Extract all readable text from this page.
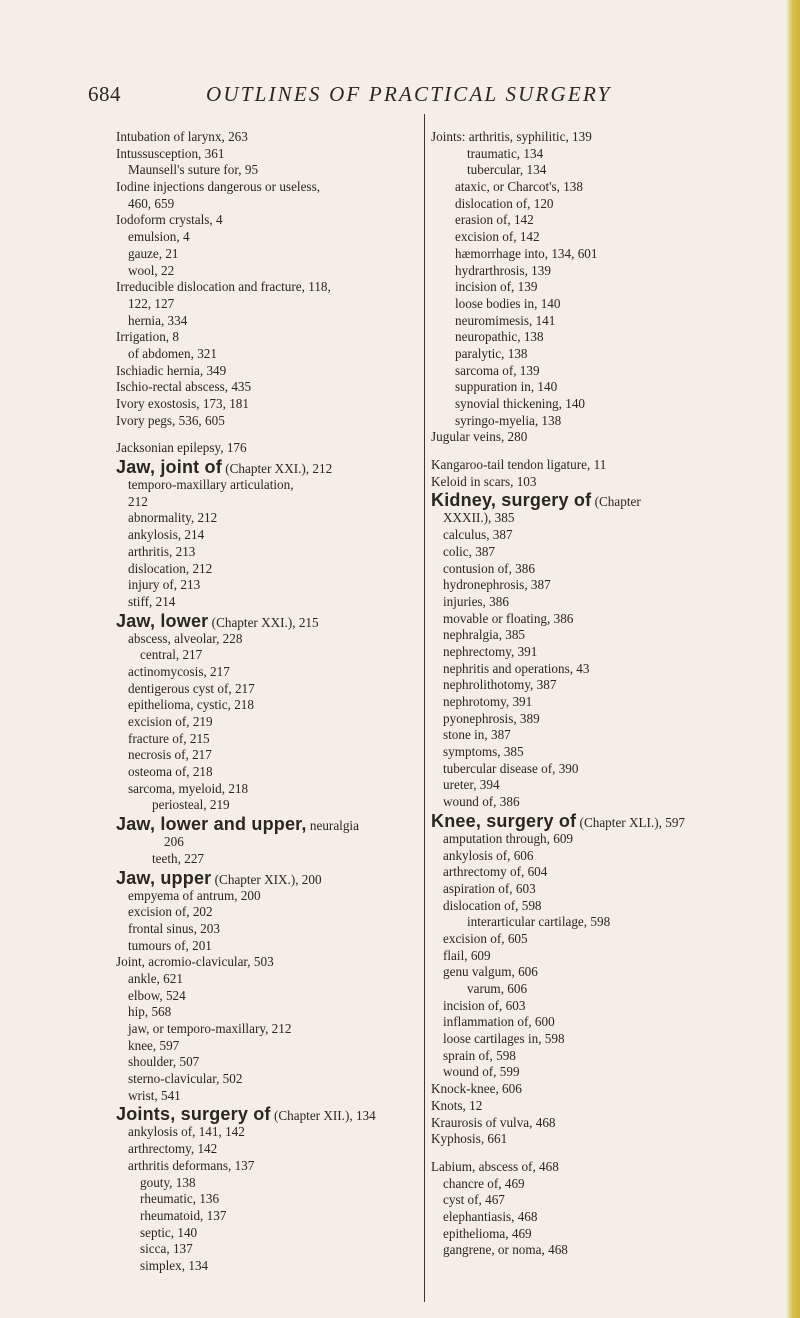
684	OUTLINES OF PRACTICAL SURGERY
Intubation of larynx, 263
Intussusception, 361
Maunsell's suture for, 95
Iodine injections dangerous or useless,
460, 659
Iodoform crystals, 4
emulsion, 4
gauze, 21
wool, 22
Irreducible dislocation and fracture, 118,
122, 127
hernia, 334
Irrigation, 8
of abdomen, 321
Ischiadic hernia, 349
Ischio-rectal abscess, 435
Ivory exostosis, 173, 181
Ivory pegs, 536, 605
Jacksonian epilepsy, 176
Jaw, joint of (Chapter XXI.), 212
temporo-maxillary articulation,
212
abnormality, 212
ankylosis, 214
arthritis, 213
dislocation, 212
injury of, 213
stiff, 214
Jaw, lower (Chapter XXI.), 215
abscess, alveolar, 228
central, 217
actinomycosis, 217
dentigerous cyst of, 217
epithelioma, cystic, 218
excision of, 219
fracture of, 215
necrosis of, 217
osteoma of, 218
sarcoma, myeloid, 218
periosteal, 219
Jaw, lower and upper, neuralgia
206
teeth, 227
Jaw, upper (Chapter XIX.), 200
empyema of antrum, 200
excision of, 202
frontal sinus, 203
tumours of, 201
Joint, acromio-clavicular, 503
ankle, 621
elbow, 524
hip, 568
jaw, or temporo-maxillary, 212
knee, 597
shoulder, 507
sterno-clavicular, 502
wrist, 541
Joints, surgery of (Chapter XII.), 134
ankylosis of, 141, 142
arthrectomy, 142
arthritis deformans, 137
gouty, 138
rheumatic, 136
rheumatoid, 137
septic, 140
sicca, 137
simplex, 134
Joints: arthritis, syphilitic, 139
traumatic, 134
tubercular, 134
ataxic, or Charcot's, 138
dislocation of, 120
erasion of, 142
excision of, 142
hæmorrhage into, 134, 601
hydrarthrosis, 139
incision of, 139
loose bodies in, 140
neuromimesis, 141
neuropathic, 138
paralytic, 138
sarcoma of, 139
suppuration in, 140
synovial thickening, 140
syringo-myelia, 138
Jugular veins, 280
Kangaroo-tail tendon ligature, 11
Keloid in scars, 103
Kidney, surgery of (Chapter
XXXII.), 385
calculus, 387
colic, 387
contusion of, 386
hydronephrosis, 387
injuries, 386
movable or floating, 386
nephralgia, 385
nephrectomy, 391
nephritis and operations, 43
nephrolithotomy, 387
nephrotomy, 391
pyonephrosis, 389
stone in, 387
symptoms, 385
tubercular disease of, 390
ureter, 394
wound of, 386
Knee, surgery of (Chapter XLI.), 597
amputation through, 609
ankylosis of, 606
arthrectomy of, 604
aspiration of, 603
dislocation of, 598
interarticular cartilage, 598
excision of, 605
flail, 609
genu valgum, 606
varum, 606
incision of, 603
inflammation of, 600
loose cartilages in, 598
sprain of, 598
wound of, 599
Knock-knee, 606
Knots, 12
Kraurosis of vulva, 468
Kyphosis, 661
Labium, abscess of, 468
chancre of, 469
cyst of, 467
elephantiasis, 468
epithelioma, 469
gangrene, or noma, 468
